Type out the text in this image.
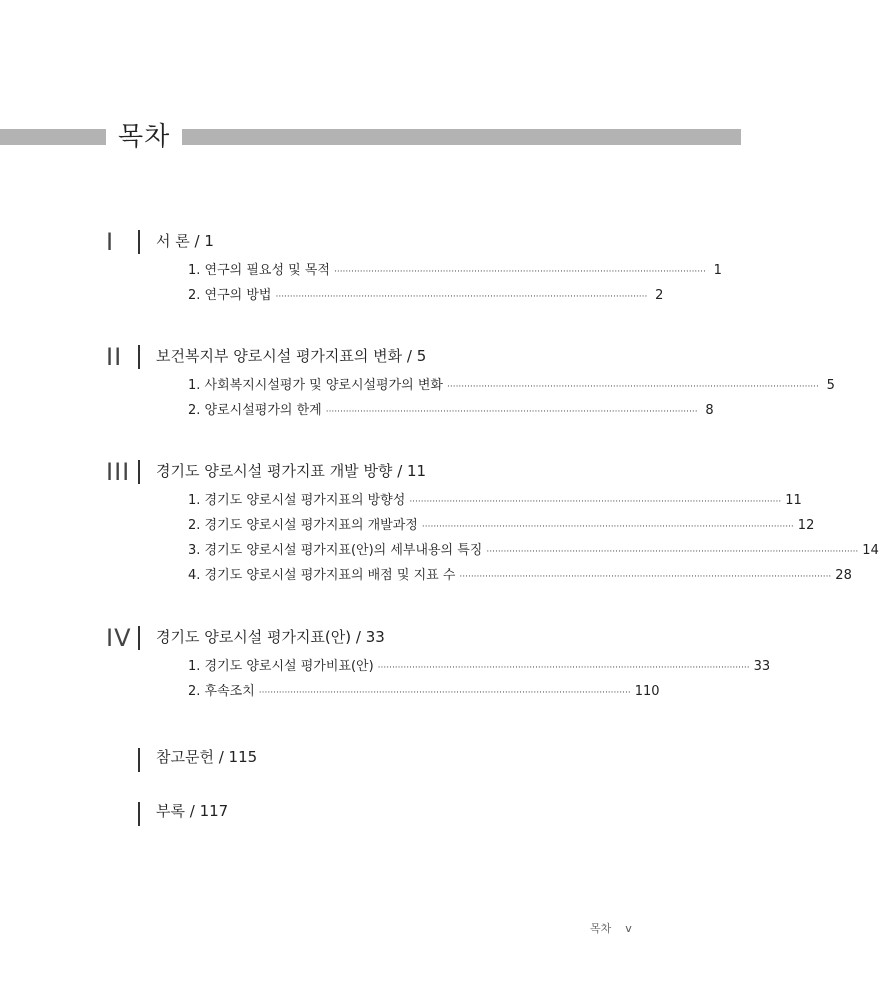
목차
I	서 론 / 1
1. 연구의 필요성 및 목적 ·································································································································· 1
2. 연구의 방법 ·································································································································· 2
II 보건복지부 양로시설 평가지표의 변화 / 5
1. 사회복지시설평가 및 양로시설평가의 변화 ·································································································································· 5
2. 양로시설평가의 한계 ·································································································································· 8
III 경기도 양로시설 평가지표 개발 방향 / 11
1. 경기도 양로시설 평가지표의 방향성 ·································································································································· 11
2. 경기도 양로시설 평가지표의 개발과정 ·································································································································· 12
3. 경기도 양로시설 평가지표(안)의 세부내용의 특징 ·································································································································· 14
4. 경기도 양로시설 평가지표의 배점 및 지표 수 ·································································································································· 28
IV 경기도 양로시설 평가지표(안) / 33
1. 경기도 양로시설 평가비표(안) ·································································································································· 33
2. 후속조치 ·································································································································· 110
참고문헌 / 115
부록 / 117
목차 v
